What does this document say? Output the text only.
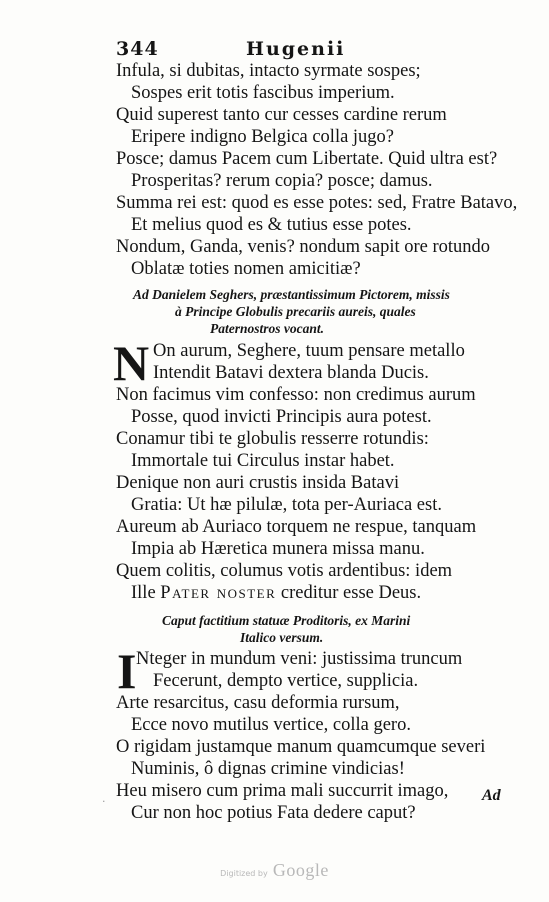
344	Hugenii
Infula, si dubitas, intacto syrmate sospes;
Sospes erit totis fascibus imperium.
Quid superest tanto cur cesses cardine rerum
Eripere indigno Belgica colla jugo?
Posce; damus Pacem cum Libertate. Quid ultra est?
Prosperitas? rerum copia? posce; damus.
Summa rei est: quod es esse potes: sed, Fratre Batavo,
Et melius quod es & tutius esse potes.
Nondum, Ganda, venis? nondum sapit ore rotundo
Oblatæ toties nomen amicitiæ?
Ad Danielem Seghers, præstantissimum Pictorem, missis
à Principe Globulis precariis aureis, quales
Paternostros vocant.
N On aurum, Seghere, tuum pensare metallo
Intendit Batavi dextera blanda Ducis.
Non facimus vim confesso: non credimus aurum
Posse, quod invicti Principis aura potest.
Conamur tibi te globulis resserre rotundis:
Immortale tui Circulus instar habet.
Denique non auri crustis insida Batavi
Gratia: Ut hæ pilulæ, tota per-Auriaca est.
Aureum ab Auriaco torquem ne respue, tanquam
Impia ab Hæretica munera missa manu.
Quem colitis, columus votis ardentibus: idem
Ille Pater noster creditur esse Deus.
Caput factitium statuæ Proditoris, ex Marini
Italico versum.
I Nteger in mundum veni: justissima truncum
Fecerunt, dempto vertice, supplicia.
Arte resarcitus, casu deformia rursum,
Ecce novo mutilus vertice, colla gero.
O rigidam justamque manum quamcumque severi
Numinis, ô dignas crimine vindicias!
Heu misero cum prima mali succurrit imago,
Cur non hoc potius Fata dedere caput?
Ad
·
Digitized by Google
